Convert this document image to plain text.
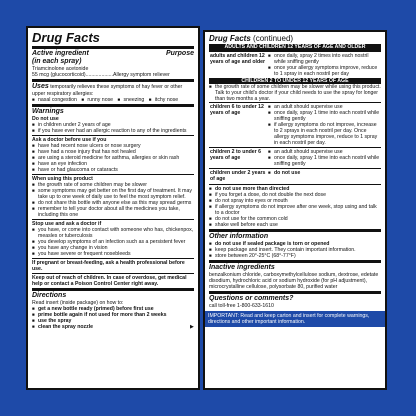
Drug Facts
Active ingredient	Purpose
(in each spray)
Triamcinolone acetonide
55 mcg (glucocorticoid)...................Allergy symptom reliever
Uses temporarily relieves these symptoms of hay fever or other upper respiratory allergies:
■ nasal congestion ■ runny nose ■ sneezing ■ itchy nose
Warnings
Do not use
■ in children under 2 years of age
■ if you have ever had an allergic reaction to any of the ingredients
Ask a doctor before use if you
■ have had recent nose ulcers or nose surgery
■ have had a nose injury that has not healed
■ are using a steroid medicine for asthma, allergies or skin rash
■ have an eye infection
■ have or had glaucoma or cataracts
When using this product
■ the growth rate of some children may be slower
■ some symptoms may get better on the first day of treatment. It may take up to one week of daily use to feel the most symptom relief.
■ do not share this bottle with anyone else as this may spread germs
■ remember to tell your doctor about all the medicines you take, including this one
Stop use and ask a doctor if
■ you have, or come into contact with someone who has, chickenpox, measles or tuberculosis
■ you develop symptoms of an infection such as a persistent fever
■ you have any change in vision
■ you have severe or frequent nosebleeds
If pregnant or breast-feeding, ask a health professional before use.
Keep out of reach of children. In case of overdose, get medical help or contact a Poison Control Center right away.
Directions
Read insert (inside package) on how to:
■ get a new bottle ready (primed) before first use
■ prime bottle again if not used for more than 2 weeks
■ use the spray
■ clean the spray nozzle	▶
Drug Facts (continued)
ADULTS AND CHILDREN 12 YEARS OF AGE AND OLDER
adults and children 12 years of age and older	
■ once daily, spray 2 times into each nostril while sniffing gently
■ once your allergy symptoms improve, reduce to 1 spray in each nostril per day
CHILDREN 2 TO UNDER 12 YEARS OF AGE
■ the growth rate of some children may be slower while using this product. Talk to your child's doctor if your child needs to use the spray for longer than two months a year.
children 6 to under 12 years of age	■ an adult should supervise use
■ once daily, spray 1 time into each nostril while sniffing gently
■ if allergy symptoms do not improve, increase to 2 sprays in each nostril per day. Once allergy symptoms improve, reduce to 1 spray in each nostril per day.

children 2 to under 6 years of age	■ an adult should supervise use
■ once daily, spray 1 time into each nostril while sniffing gently

children under 2 years of age	■ do not use
■ do not use more than directed
■ if you forget a dose, do not double the next dose
■ do not spray into eyes or mouth
■ if allergy symptoms do not improve after one week, stop using and talk to a doctor
■ do not use for the common cold
■ shake well before each use
Other information
■ do not use if sealed package is torn or opened
■ keep package and insert. They contain important information.
■ store between 20°-25°C (68°-77°F)
Inactive ingredients
benzalkonium chloride, carboxymethylcellulose sodium, dextrose, edetate disodium, hydrochloric acid or sodium hydroxide (for pH adjustment), microcrystalline cellulose, polysorbate 80, purified water
Questions or comments?
call toll-free 1-800-633-1610
IMPORTANT: Read and keep carton and insert for complete warnings, directions and other important information.
